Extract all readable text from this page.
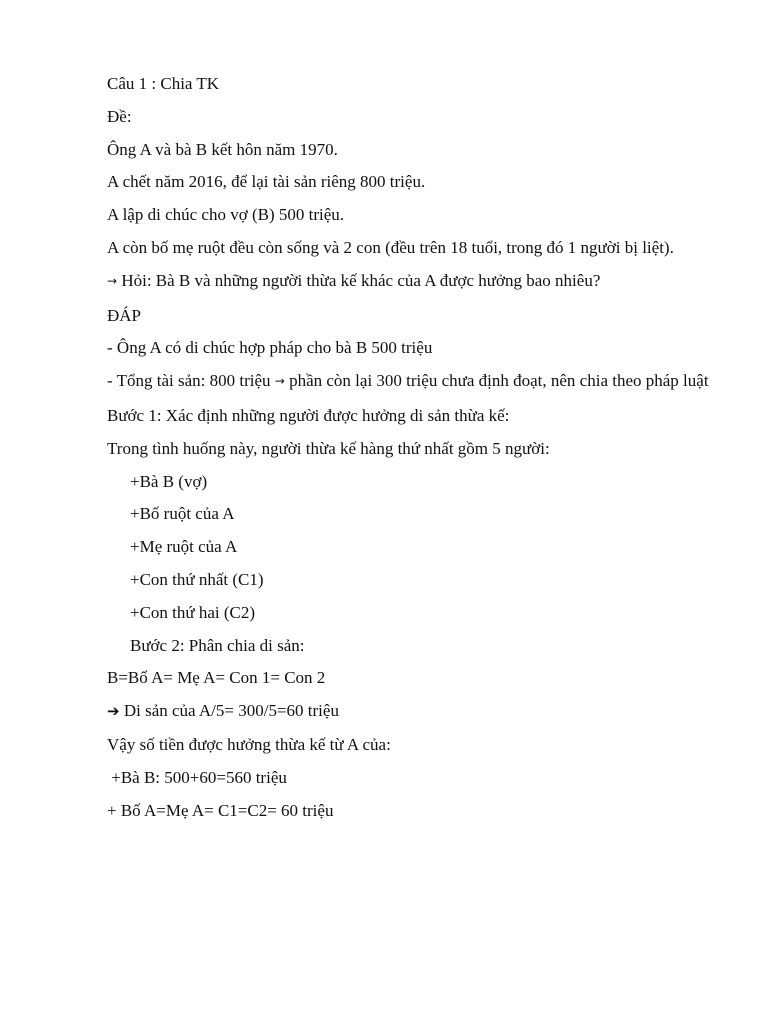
Câu 1 : Chia TK

Đề:

Ông A và bà B kết hôn năm 1970.

A chết năm 2016, để lại tài sản riêng 800 triệu.

A lập di chúc cho vợ (B) 500 triệu.

A còn bố mẹ ruột đều còn sống và 2 con (đều trên 18 tuổi, trong đó 1 người bị liệt).

→ Hỏi: Bà B và những người thừa kế khác của A được hưởng bao nhiêu?

ĐÁP

- Ông A có di chúc hợp pháp cho bà B 500 triệu

- Tổng tài sản: 800 triệu → phần còn lại 300 triệu chưa định đoạt, nên chia theo pháp luật

Bước 1: Xác định những người được hưởng di sản thừa kế:

Trong tình huống này, người thừa kế hàng thứ nhất gồm 5 người:

+Bà B (vợ)

+Bố ruột của A

+Mẹ ruột của A

+Con thứ nhất (C1)

+Con thứ hai (C2)

Bước 2: Phân chia di sản:

B=Bố A= Mẹ A= Con 1= Con 2

➔ Di sản của A/5= 300/5=60 triệu

Vậy số tiền được hưởng thừa kế từ A của:

+Bà B: 500+60=560 triệu

+ Bố A=Mẹ A= C1=C2= 60 triệu
